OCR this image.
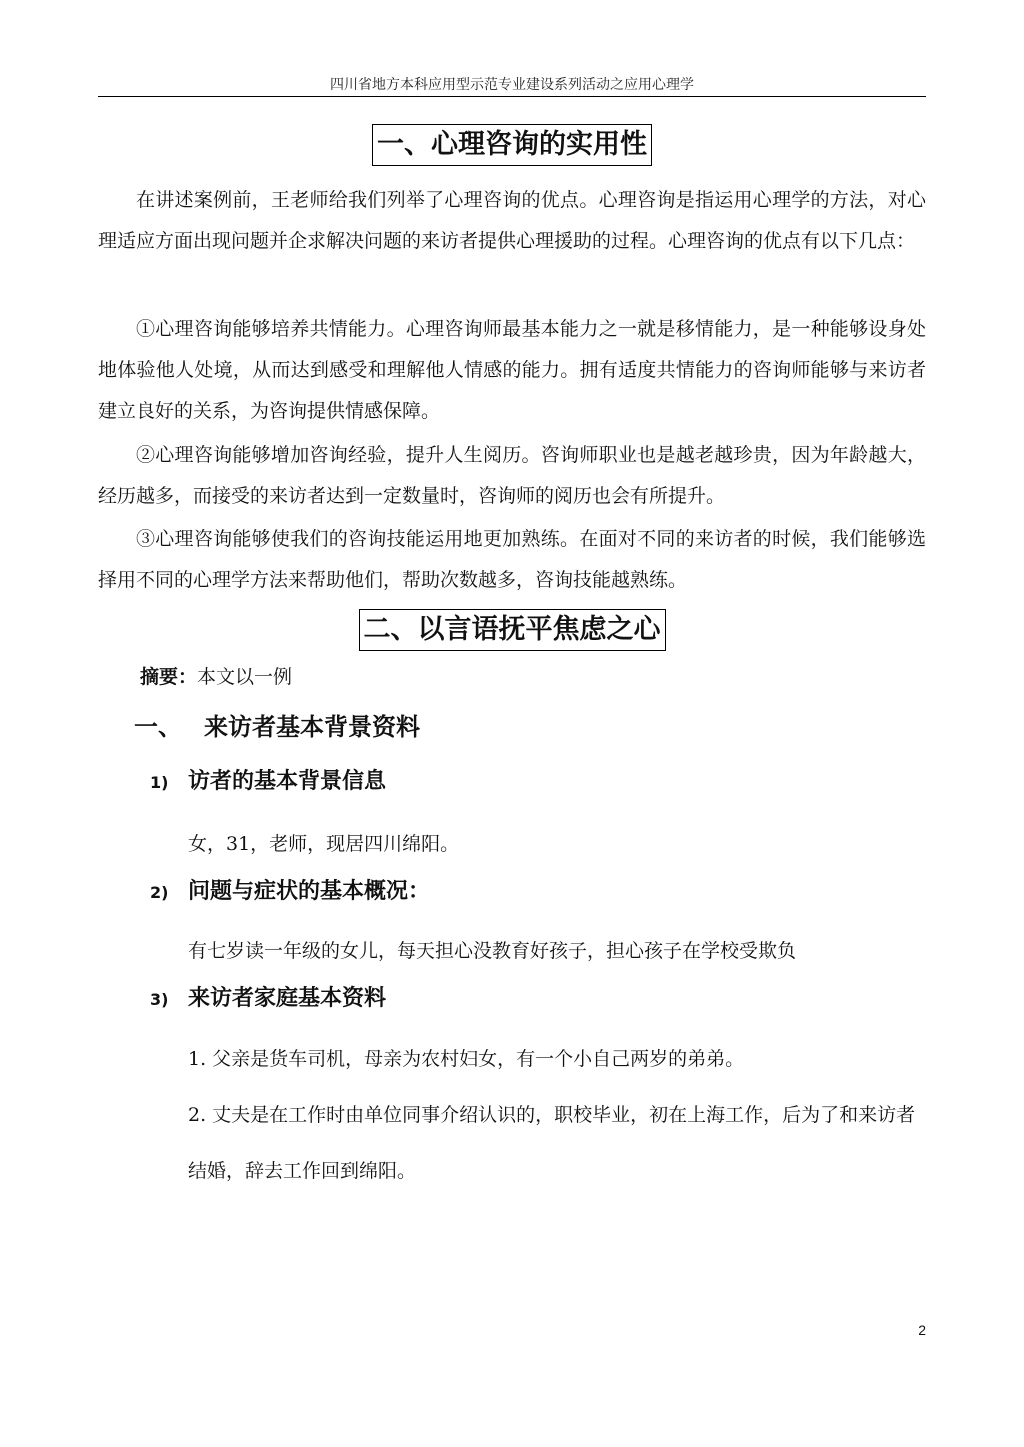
四川省地方本科应用型示范专业建设系列活动之应用心理学
一、心理咨询的实用性

在讲述案例前，王老师给我们列举了心理咨询的优点。心理咨询是指运用心理学的方法，对心理适应方面出现问题并企求解决问题的来访者提供心理援助的过程。心理咨询的优点有以下几点：

①心理咨询能够培养共情能力。心理咨询师最基本能力之一就是移情能力，是一种能够设身处地体验他人处境，从而达到感受和理解他人情感的能力。拥有适度共情能力的咨询师能够与来访者建立良好的关系，为咨询提供情感保障。

②心理咨询能够增加咨询经验，提升人生阅历。咨询师职业也是越老越珍贵，因为年龄越大，经历越多，而接受的来访者达到一定数量时，咨询师的阅历也会有所提升。

③心理咨询能够使我们的咨询技能运用地更加熟练。在面对不同的来访者的时候，我们能够选择用不同的心理学方法来帮助他们，帮助次数越多，咨询技能越熟练。

二、以言语抚平焦虑之心
摘要：本文以一例
一、 来访者基本背景资料
1) 访者的基本背景信息
女，31，老师，现居四川绵阳。
2) 问题与症状的基本概况：
有七岁读一年级的女儿，每天担心没教育好孩子，担心孩子在学校受欺负
3) 来访者家庭基本资料

1. 父亲是货车司机，母亲为农村妇女，有一个小自己两岁的弟弟。

2. 丈夫是在工作时由单位同事介绍认识的，职校毕业，初在上海工作，后为了和来访者结婚，辞去工作回到绵阳。

2
